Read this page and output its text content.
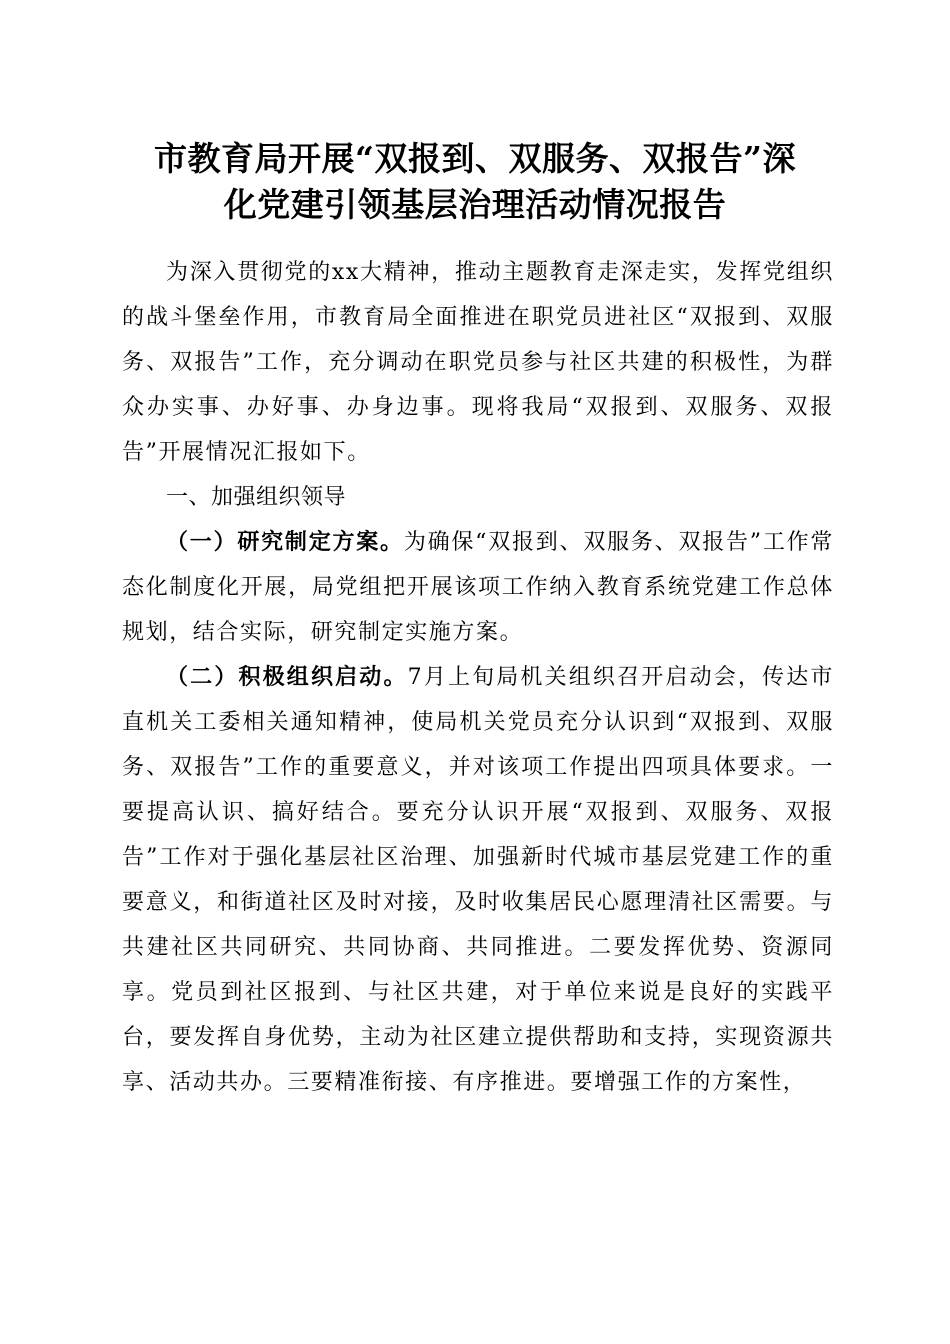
市教育局开展“双报到、双服务、双报告”深
化党建引领基层治理活动情况报告

为深入贯彻党的xx大精神，推动主题教育走深走实，发挥党组织的战斗堡垒作用，市教育局全面推进在职党员进社区“双报到、双服务、双报告”工作，充分调动在职党员参与社区共建的积极性，为群众办实事、办好事、办身边事。现将我局“双报到、双服务、双报告”开展情况汇报如下。

一、加强组织领导

（一）研究制定方案。为确保“双报到、双服务、双报告”工作常态化制度化开展，局党组把开展该项工作纳入教育系统党建工作总体规划，结合实际，研究制定实施方案。

（二）积极组织启动。7月上旬局机关组织召开启动会，传达市直机关工委相关通知精神，使局机关党员充分认识到“双报到、双服务、双报告”工作的重要意义，并对该项工作提出四项具体要求。一要提高认识、搞好结合。要充分认识开展“双报到、双服务、双报告”工作对于强化基层社区治理、加强新时代城市基层党建工作的重要意义，和街道社区及时对接，及时收集居民心愿理清社区需要。与共建社区共同研究、共同协商、共同推进。二要发挥优势、资源同享。党员到社区报到、与社区共建，对于单位来说是良好的实践平台，要发挥自身优势，主动为社区建立提供帮助和支持，实现资源共享、活动共办。三要精准衔接、有序推进。要增强工作的方案性，
